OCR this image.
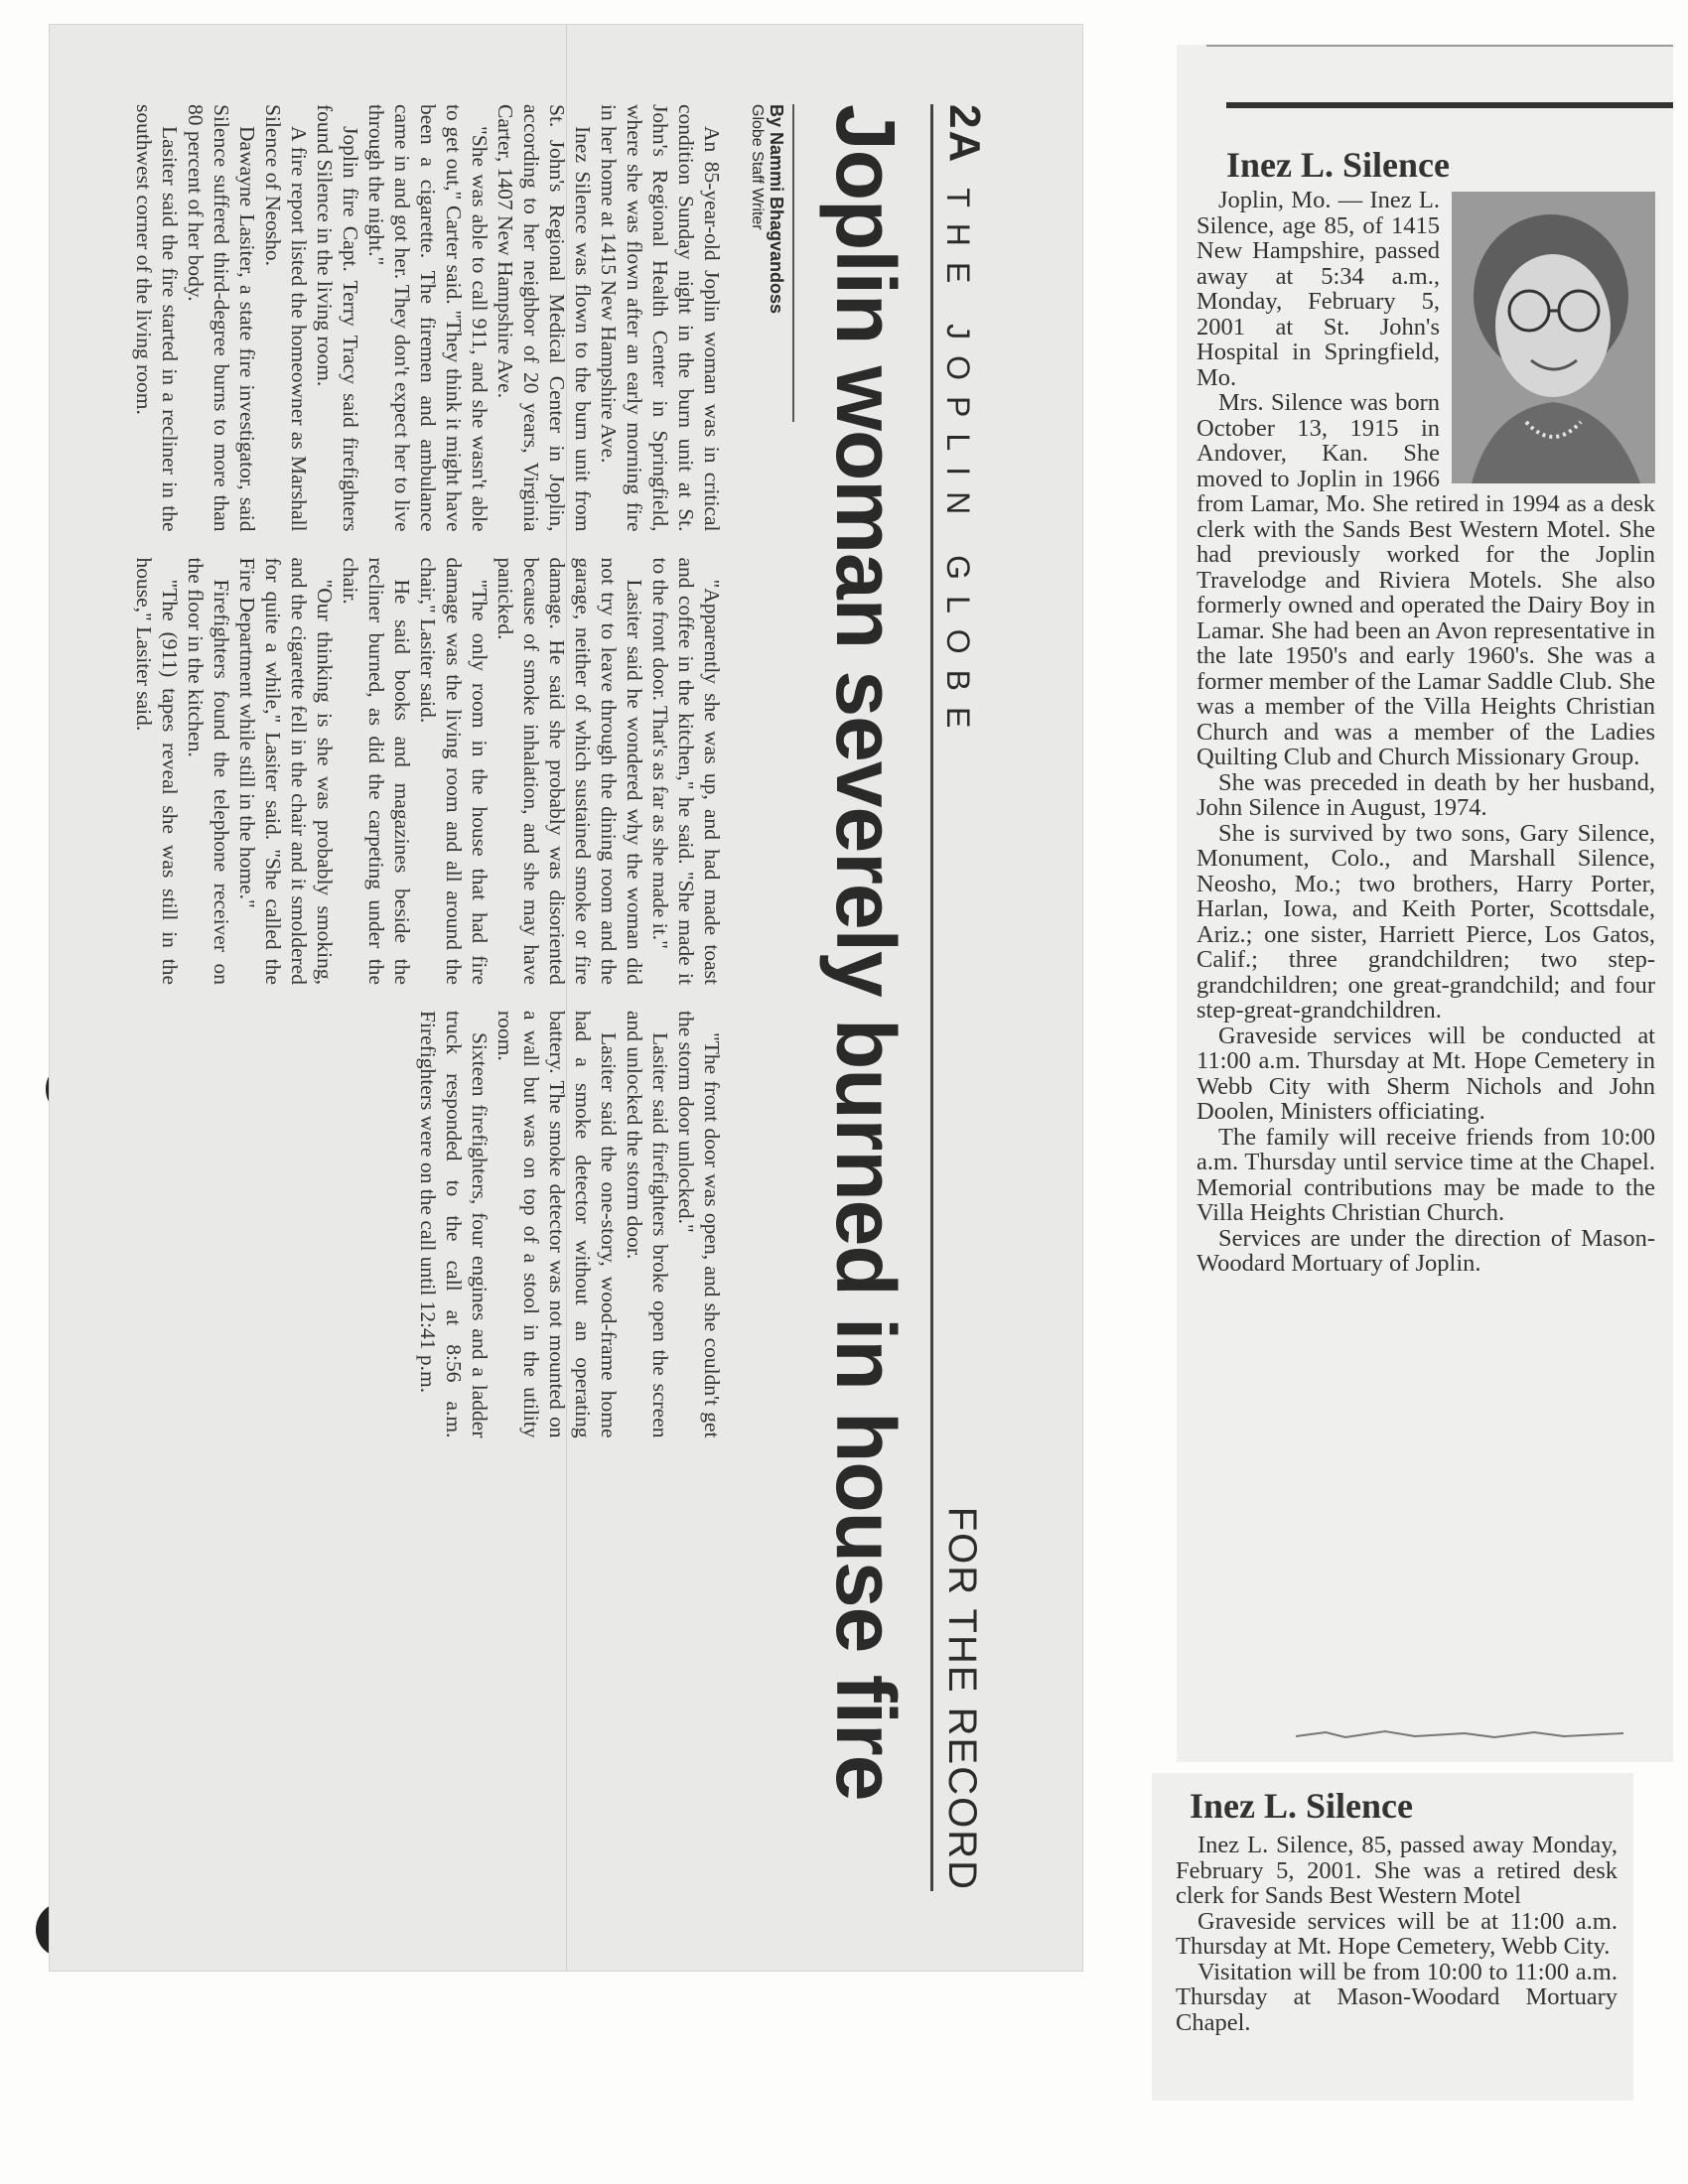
2A
THE JOPLIN GLOBE
FOR THE RECORD
Joplin woman severely burned in house fire
By Nammi Bhagvandoss
Globe Staff Writer

An 85-year-old Joplin woman was in critical condition Sunday night in the burn unit at St. John's Regional Health Center in Springfield, where she was flown after an early morning fire in her home at 1415 New Hampshire Ave.

Inez Silence was flown to the burn unit from St. John's Regional Medical Center in Joplin, according to her neighbor of 20 years, Virginia Carter, 1407 New Hampshire Ave.

"She was able to call 911, and she wasn't able to get out," Carter said. "They think it might have been a cigarette. The firemen and ambulance came in and got her. They don't expect her to live through the night."

Joplin fire Capt. Terry Tracy said firefighters found Silence in the living room.

A fire report listed the homeowner as Marshall Silence of Neosho.

Dawayne Lasiter, a state fire investigator, said Silence suffered third-degree burns to more than 80 percent of her body.

Lasiter said the fire started in a recliner in the southwest corner of the living room.

"Apparently she was up, and had made toast and coffee in the kitchen," he said. "She made it to the front door. That's as far as she made it."

Lasiter said he wondered why the woman did not try to leave through the dining room and the garage, neither of which sustained smoke or fire damage. He said she probably was disoriented because of smoke inhalation, and she may have panicked.

"The only room in the house that had fire damage was the living room and all around the chair," Lasiter said.

He said books and magazines beside the recliner burned, as did the carpeting under the chair.

"Our thinking is she was probably smoking, and the cigarette fell in the chair and it smoldered for quite a while," Lasiter said. "She called the Fire Department while still in the home."

Firefighters found the telephone receiver on the floor in the kitchen.

"The (911) tapes reveal she was still in the house," Lasiter said.

"The front door was open, and she couldn't get the storm door unlocked."

Lasiter said firefighters broke open the screen and unlocked the storm door.

Lasiter said the one-story, wood-frame home had a smoke detector without an operating battery. The smoke detector was not mounted on a wall but was on top of a stool in the utility room.

Sixteen firefighters, four engines and a ladder truck responded to the call at 8:56 a.m. Firefighters were on the call until 12:41 p.m.

Inez L. Silence

Joplin, Mo. — Inez L. Silence, age 85, of 1415 New Hampshire, passed away at 5:34 a.m., Monday, February 5, 2001 at St. John's Hospital in Springfield, Mo.

Mrs. Silence was born October 13, 1915 in Andover, Kan. She moved to Joplin in 1966 from Lamar, Mo. She retired in 1994 as a desk clerk with the Sands Best Western Motel. She had previously worked for the Joplin Travelodge and Riviera Motels. She also formerly owned and operated the Dairy Boy in Lamar. She had been an Avon representative in the late 1950's and early 1960's. She was a former member of the Lamar Saddle Club. She was a member of the Villa Heights Christian Church and was a member of the Ladies Quilting Club and Church Missionary Group.

She was preceded in death by her husband, John Silence in August, 1974.

She is survived by two sons, Gary Silence, Monument, Colo., and Marshall Silence, Neosho, Mo.; two brothers, Harry Porter, Harlan, Iowa, and Keith Porter, Scottsdale, Ariz.; one sister, Harriett Pierce, Los Gatos, Calif.; three grandchildren; two step-grandchildren; one great-grandchild; and four step-great-grandchildren.

Graveside services will be conducted at 11:00 a.m. Thursday at Mt. Hope Cemetery in Webb City with Sherm Nichols and John Doolen, Ministers officiating.

The family will receive friends from 10:00 a.m. Thursday until service time at the Chapel. Memorial contributions may be made to the Villa Heights Christian Church.

Services are under the direction of Mason-Woodard Mortuary of Joplin.

Inez L. Silence

Inez L. Silence, 85, passed away Monday, February 5, 2001. She was a retired desk clerk for Sands Best Western Motel

Graveside services will be at 11:00 a.m. Thursday at Mt. Hope Cemetery, Webb City.

Visitation will be from 10:00 to 11:00 a.m. Thursday at Mason-Woodard Mortuary Chapel.
